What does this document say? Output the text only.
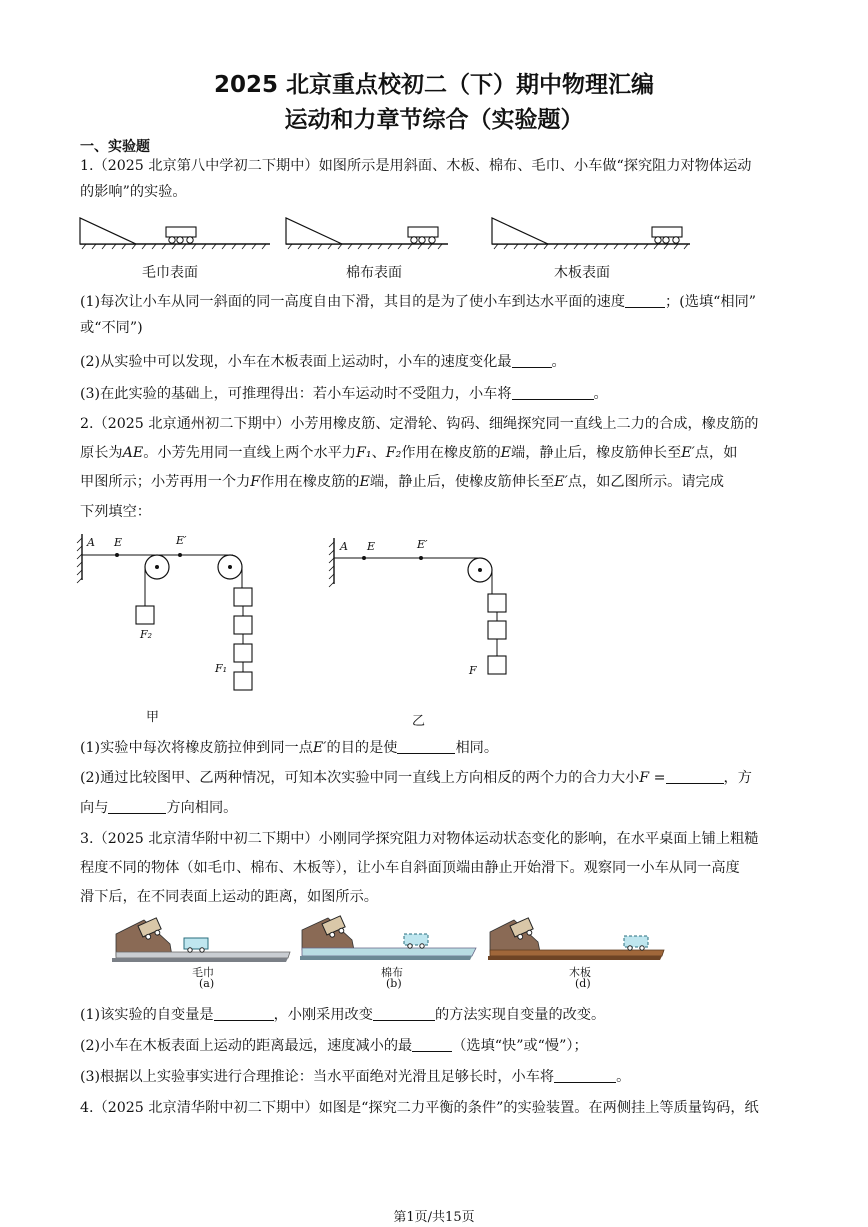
2025 北京重点校初二（下）期中物理汇编
运动和力章节综合（实验题）
一、实验题
1.（2025 北京第八中学初二下期中）如图所示是用斜面、木板、棉布、毛巾、小车做“探究阻力对物体运动
的影响”的实验。
毛巾表面	棉布表面	木板表面
(1)每次让小车从同一斜面的同一高度自由下滑，其目的是为了使小车到达水平面的速度	；(选填“相同”
或“不同”)
(2)从实验中可以发现，小车在木板表面上运动时，小车的速度变化最	。
(3)在此实验的基础上，可推理得出：若小车运动时不受阻力，小车将	。
2.（2025 北京通州初二下期中）小芳用橡皮筋、定滑轮、钩码、细绳探究同一直线上二力的合成，橡皮筋的
原长为AE。小芳先用同一直线上两个水平力F₁、F₂作用在橡皮筋的E端，静止后，橡皮筋伸长至E′点，如
甲图所示；小芳再用一个力F作用在橡皮筋的E端，静止后，使橡皮筋伸长至E′点，如乙图所示。请完成
下列填空：
A E	E′
F₂
F₁
甲
A E	E′
F
乙
(1)实验中每次将橡皮筋拉伸到同一点E′的目的是使	相同。
(2)通过比较图甲、乙两种情况，可知本次实验中同一直线上方向相反的两个力的合力大小F =	，方
向与	方向相同。
3.（2025 北京清华附中初二下期中）小刚同学探究阻力对物体运动状态变化的影响，在水平桌面上铺上粗糙
程度不同的物体（如毛巾、棉布、木板等），让小车自斜面顶端由静止开始滑下。观察同一小车从同一高度
滑下后，在不同表面上运动的距离，如图所示。
毛巾
(a)
棉布
(b)
木板
(d)
(1)该实验的自变量是	，小刚采用改变	的方法实现自变量的改变。
(2)小车在木板表面上运动的距离最远，速度减小的最	（选填“快”或“慢”）；
(3)根据以上实验事实进行合理推论：当水平面绝对光滑且足够长时，小车将	。
4.（2025 北京清华附中初二下期中）如图是“探究二力平衡的条件”的实验装置。在两侧挂上等质量钩码，纸
第1页/共15页
